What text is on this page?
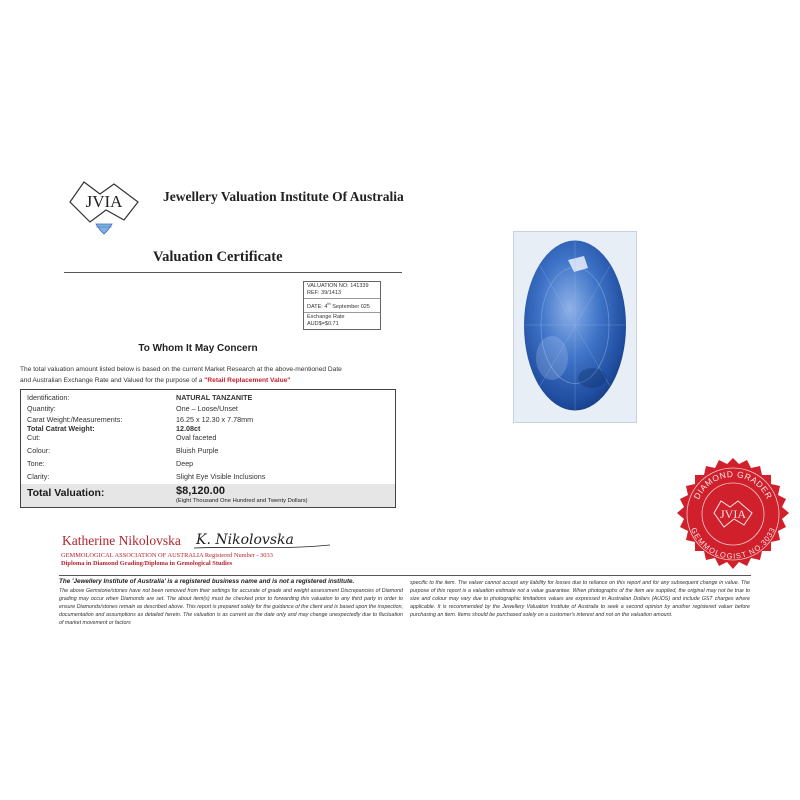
JVIA	Jewellery Valuation Institute Of Australia
Valuation Certificate
VALUATION NO: 141339
REF: 39/1413
DATE: 4th September 025
Exchange Rate
AUD$=$0.71
To Whom It May Concern
The total valuation amount listed below is based on the current Market Research at the above-mentioned Date
and Australian Exchange Rate and Valued for the purpose of a "Retail Replacement Value"
Identification:	NATURAL TANZANITE
Quantity:	One – Loose/Unset
Carat Weight:/Measurements:	16.25 x 12.30 x 7.78mm
Total Catrat Weight:	12.08ct
Cut:	Oval faceted
Colour:	Bluish Purple
Tone:	Deep
Clarity:	Slight Eye Visible Inclusions
Total Valuation:	$8,120.00
(Eight Thousand One Hundred and Twenty Dollars)
Katherine Nikolovska K. Nikolovska
GEMMOLOGICAL ASSOCIATION OF AUSTRALIA Registered Number - 3033
Diploma in Diamond Grading/Diploma in Gemological Studies
DIAMOND GRADER
GEMMOLOGIST NO.3033
JVIA
The 'Jewellery Institute of Australia' is a registered business name and is not a registered institute.
The above Gemstone/stones have not been removed from their settings for accurate of grade and weight assessment Discrepancies of Diamond grading may occur when Diamonds are set. The about item(s) must be checked prior to forwarding this valuation to any third party in order to ensure Diamonds/stones remain as described above. This report is prepared solely for the guidance of the client and is based upon the inspection, documentation and assumptions as detailed herein. The valuation is as current as the date only and may change unexpectedly due to fluctuation of market movement or factors
specific to the item. The valuer cannot accept any liability for losses due to reliance on this report and for any subsequent change in value. The purpose of this report is a valuation estimate not a value guarantee. When photographs of the item are supplied, the original may not be true to size and colour may vary due to photographic limitations values are expressed in Australian Dollars (AUDS) and include GST charges where applicable. It is recommended by the Jewellery Valuation Institute of Australia to seek a second opinion by another registered valuer before purchasing an item. Items should be purchased solely on a customer's interest and not on the valuation amount.
